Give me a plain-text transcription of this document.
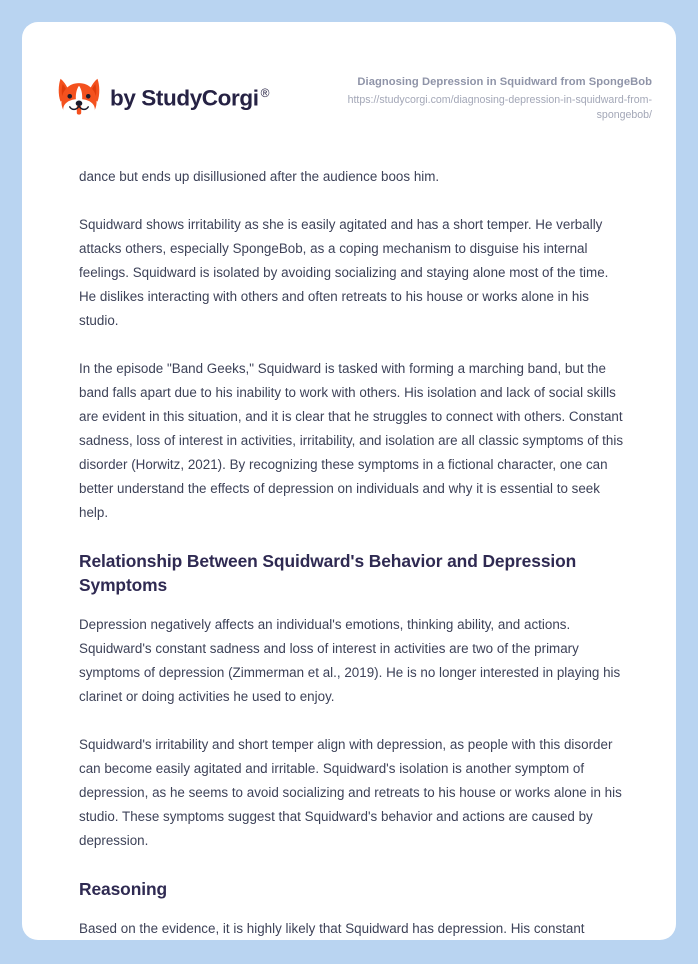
by StudyCorgi ®
Diagnosing Depression in Squidward from SpongeBob
https://studycorgi.com/diagnosing-depression-in-squidward-from-spongebob/

dance but ends up disillusioned after the audience boos him.

Squidward shows irritability as she is easily agitated and has a short temper. He verbally attacks others, especially SpongeBob, as a coping mechanism to disguise his internal feelings. Squidward is isolated by avoiding socializing and staying alone most of the time. He dislikes interacting with others and often retreats to his house or works alone in his studio.

In the episode "Band Geeks," Squidward is tasked with forming a marching band, but the band falls apart due to his inability to work with others. His isolation and lack of social skills are evident in this situation, and it is clear that he struggles to connect with others. Constant sadness, loss of interest in activities, irritability, and isolation are all classic symptoms of this disorder (Horwitz, 2021). By recognizing these symptoms in a fictional character, one can better understand the effects of depression on individuals and why it is essential to seek help.

Relationship Between Squidward's Behavior and Depression Symptoms

Depression negatively affects an individual's emotions, thinking ability, and actions. Squidward's constant sadness and loss of interest in activities are two of the primary symptoms of depression (Zimmerman et al., 2019). He is no longer interested in playing his clarinet or doing activities he used to enjoy.

Squidward's irritability and short temper align with depression, as people with this disorder can become easily agitated and irritable. Squidward's isolation is another symptom of depression, as he seems to avoid socializing and retreats to his house or works alone in his studio. These symptoms suggest that Squidward's behavior and actions are caused by depression.

Reasoning

Based on the evidence, it is highly likely that Squidward has depression. His constant
